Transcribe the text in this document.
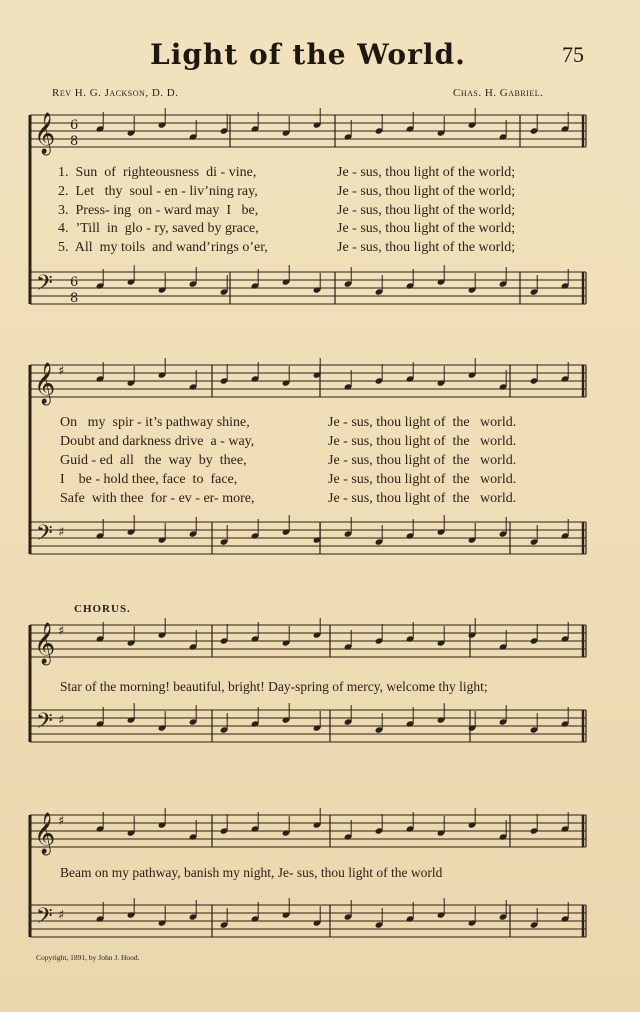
Light of the World.	75
Rev H. G. Jackson, D. D.	Chas. H. Gabriel.
𝄞
𝄢
6
8
6
8
𝄞
𝄢
♯
♯
𝄞
𝄢
♯
♯
𝄞
𝄢
♯
♯
1.  Sun  of  righteousness  di - vine,	Je - sus, thou light of the world;
2.  Let   thy  soul - en - liv’ning ray,	Je - sus, thou light of the world;
3.  Press- ing  on - ward may  I   be,	Je - sus, thou light of the world;
4.  ’Till  in  glo - ry, saved by grace,	Je - sus, thou light of the world;
5.  All  my toils  and wand’rings o’er,	Je - sus, thou light of the world;
On   my  spir - it’s pathway shine,	Je - sus, thou light of  the   world.
Doubt and darkness drive  a - way,	Je - sus, thou light of  the   world.
Guid - ed  all   the  way  by  thee,	Je - sus, thou light of  the   world.
I    be - hold thee, face  to  face,	Je - sus, thou light of  the   world.
Safe  with thee  for - ev - er- more,	Je - sus, thou light of  the   world.
CHORUS.
Star of the morning! beautiful, bright! Day-spring of mercy, welcome thy light;
Beam on my pathway, banish my night, Je- sus, thou light of the world
Copyright, 1891, by John J. Hood.
